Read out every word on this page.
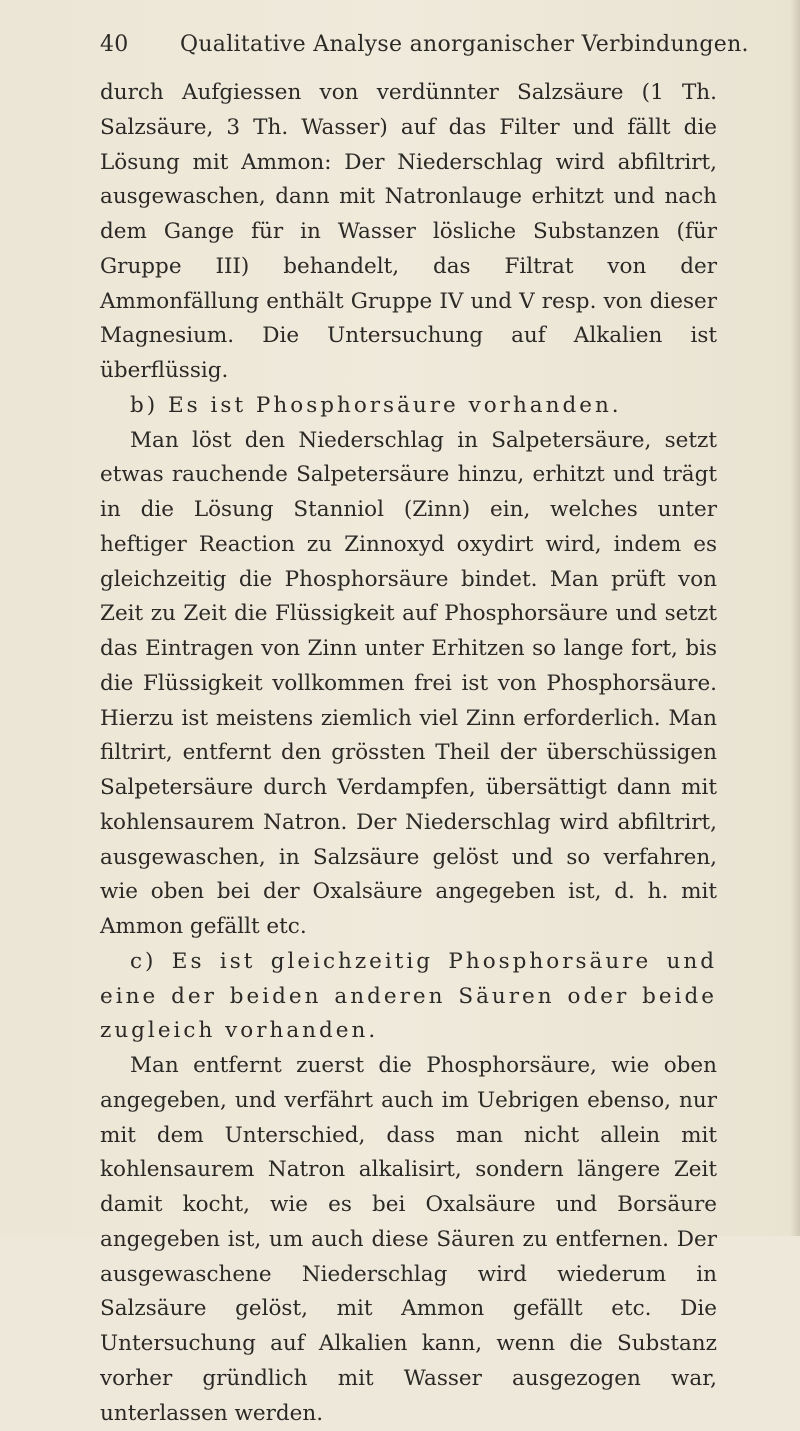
40 Qualitative Analyse anorganischer Verbindungen.

durch Aufgiessen von verdünnter Salzsäure (1 Th. Salzsäure, 3 Th. Wasser) auf das Filter und fällt die Lösung mit Ammon: Der Niederschlag wird abfiltrirt, ausgewaschen, dann mit Natronlauge erhitzt und nach dem Gange für in Wasser lösliche Substanzen (für Gruppe III) behandelt, das Filtrat von der Ammonfällung enthält Gruppe IV und V resp. von dieser Magnesium. Die Untersuchung auf Alkalien ist überflüssig.

b) Es ist Phosphorsäure vorhanden.

Man löst den Niederschlag in Salpetersäure, setzt etwas rauchende Salpetersäure hinzu, erhitzt und trägt in die Lösung Stanniol (Zinn) ein, welches unter heftiger Reaction zu Zinnoxyd oxydirt wird, indem es gleichzeitig die Phosphorsäure bindet. Man prüft von Zeit zu Zeit die Flüssigkeit auf Phosphorsäure und setzt das Eintragen von Zinn unter Erhitzen so lange fort, bis die Flüssigkeit vollkommen frei ist von Phosphorsäure. Hierzu ist meistens ziemlich viel Zinn erforderlich. Man filtrirt, entfernt den grössten Theil der überschüssigen Salpetersäure durch Verdampfen, übersättigt dann mit kohlensaurem Natron. Der Niederschlag wird abfiltrirt, ausgewaschen, in Salzsäure gelöst und so verfahren, wie oben bei der Oxalsäure angegeben ist, d. h. mit Ammon gefällt etc.

c) Es ist gleichzeitig Phosphorsäure und eine der beiden anderen Säuren oder beide zugleich vorhanden.

Man entfernt zuerst die Phosphorsäure, wie oben angegeben, und verfährt auch im Uebrigen ebenso, nur mit dem Unterschied, dass man nicht allein mit kohlensaurem Natron alkalisirt, sondern längere Zeit damit kocht, wie es bei Oxalsäure und Borsäure angegeben ist, um auch diese Säuren zu entfernen. Der ausgewaschene Niederschlag wird wiederum in Salzsäure gelöst, mit Ammon gefällt etc. Die Untersuchung auf Alkalien kann, wenn die Substanz vorher gründlich mit Wasser ausgezogen war, unterlassen werden.
